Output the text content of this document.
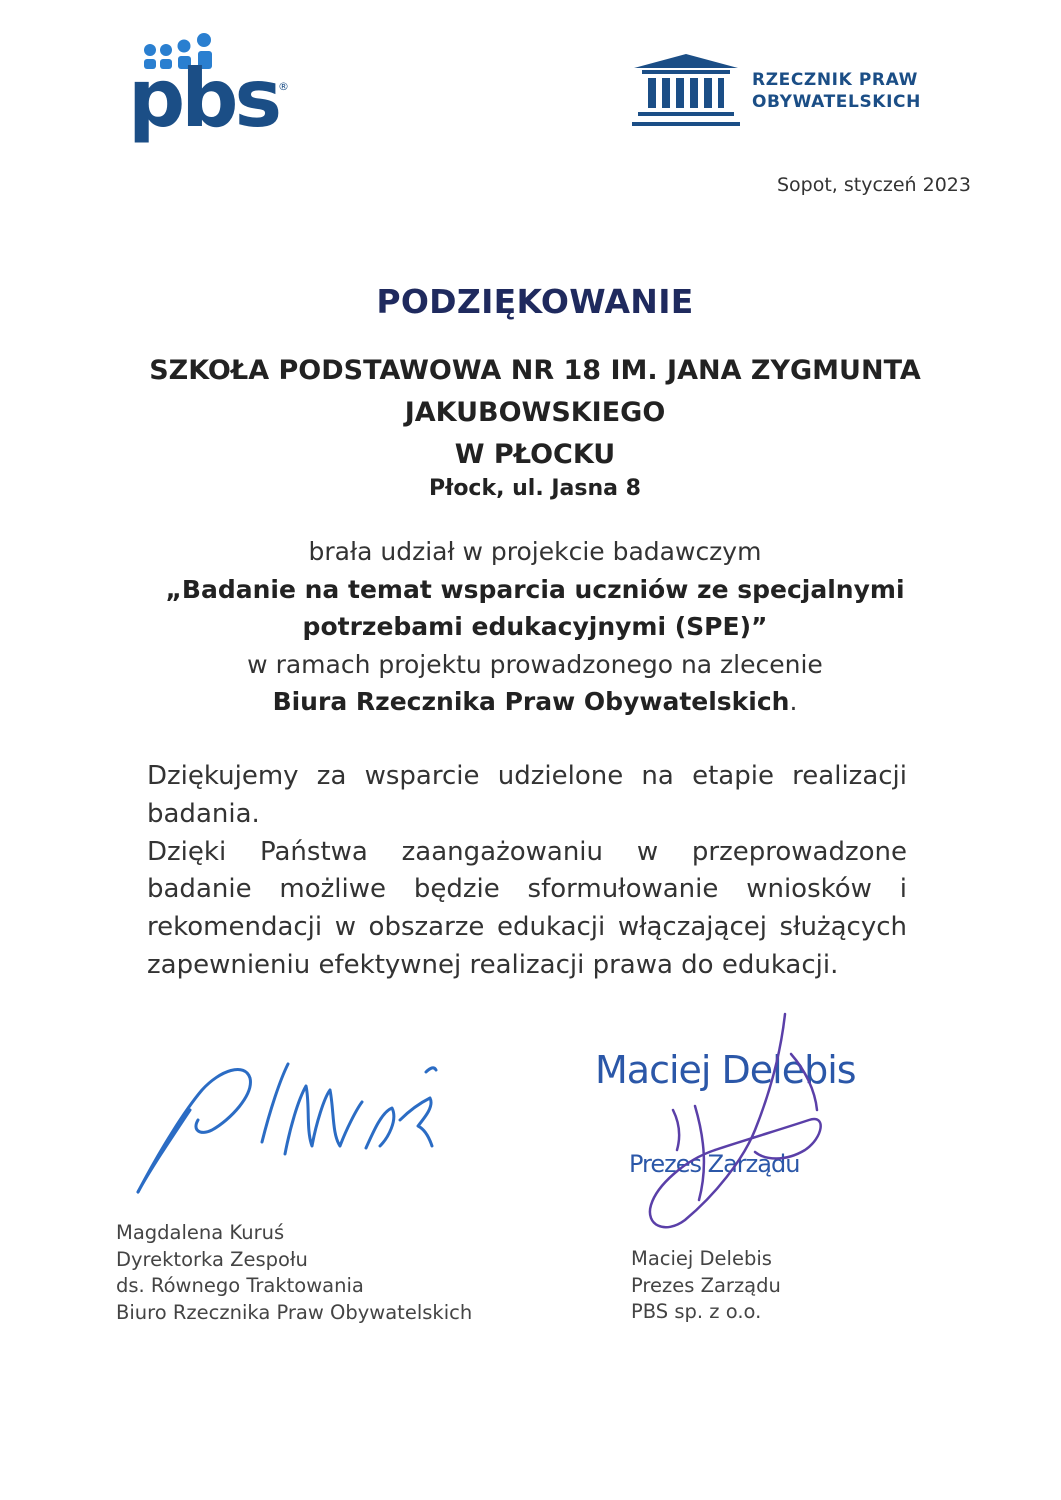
pbs ®	RZECZNIK PRAW
OBYWATELSKICH
Sopot, styczeń 2023
PODZIĘKOWANIE
SZKOŁA PODSTAWOWA NR 18 IM. JANA ZYGMUNTA
JAKUBOWSKIEGO
W PŁOCKU
Płock, ul. Jasna 8
brała udział w projekcie badawczym
„Badanie na temat wsparcia uczniów ze specjalnymi
potrzebami edukacyjnymi (SPE)”
w ramach projektu prowadzonego na zlecenie
Biura Rzecznika Praw Obywatelskich.

Dziękujemy za wsparcie udzielone na etapie realizacji badania.

Dzięki Państwa zaangażowaniu w przeprowadzone badanie możliwe będzie sformułowanie wniosków i rekomendacji w obszarze edukacji włączającej służących zapewnieniu efektywnej realizacji prawa do edukacji.

Maciej Delebis
Prezes Zarządu
Magdalena Kuruś
Dyrektorka Zespołu
ds. Równego Traktowania
Biuro Rzecznika Praw Obywatelskich
Maciej Delebis
Prezes Zarządu
PBS sp. z o.o.
